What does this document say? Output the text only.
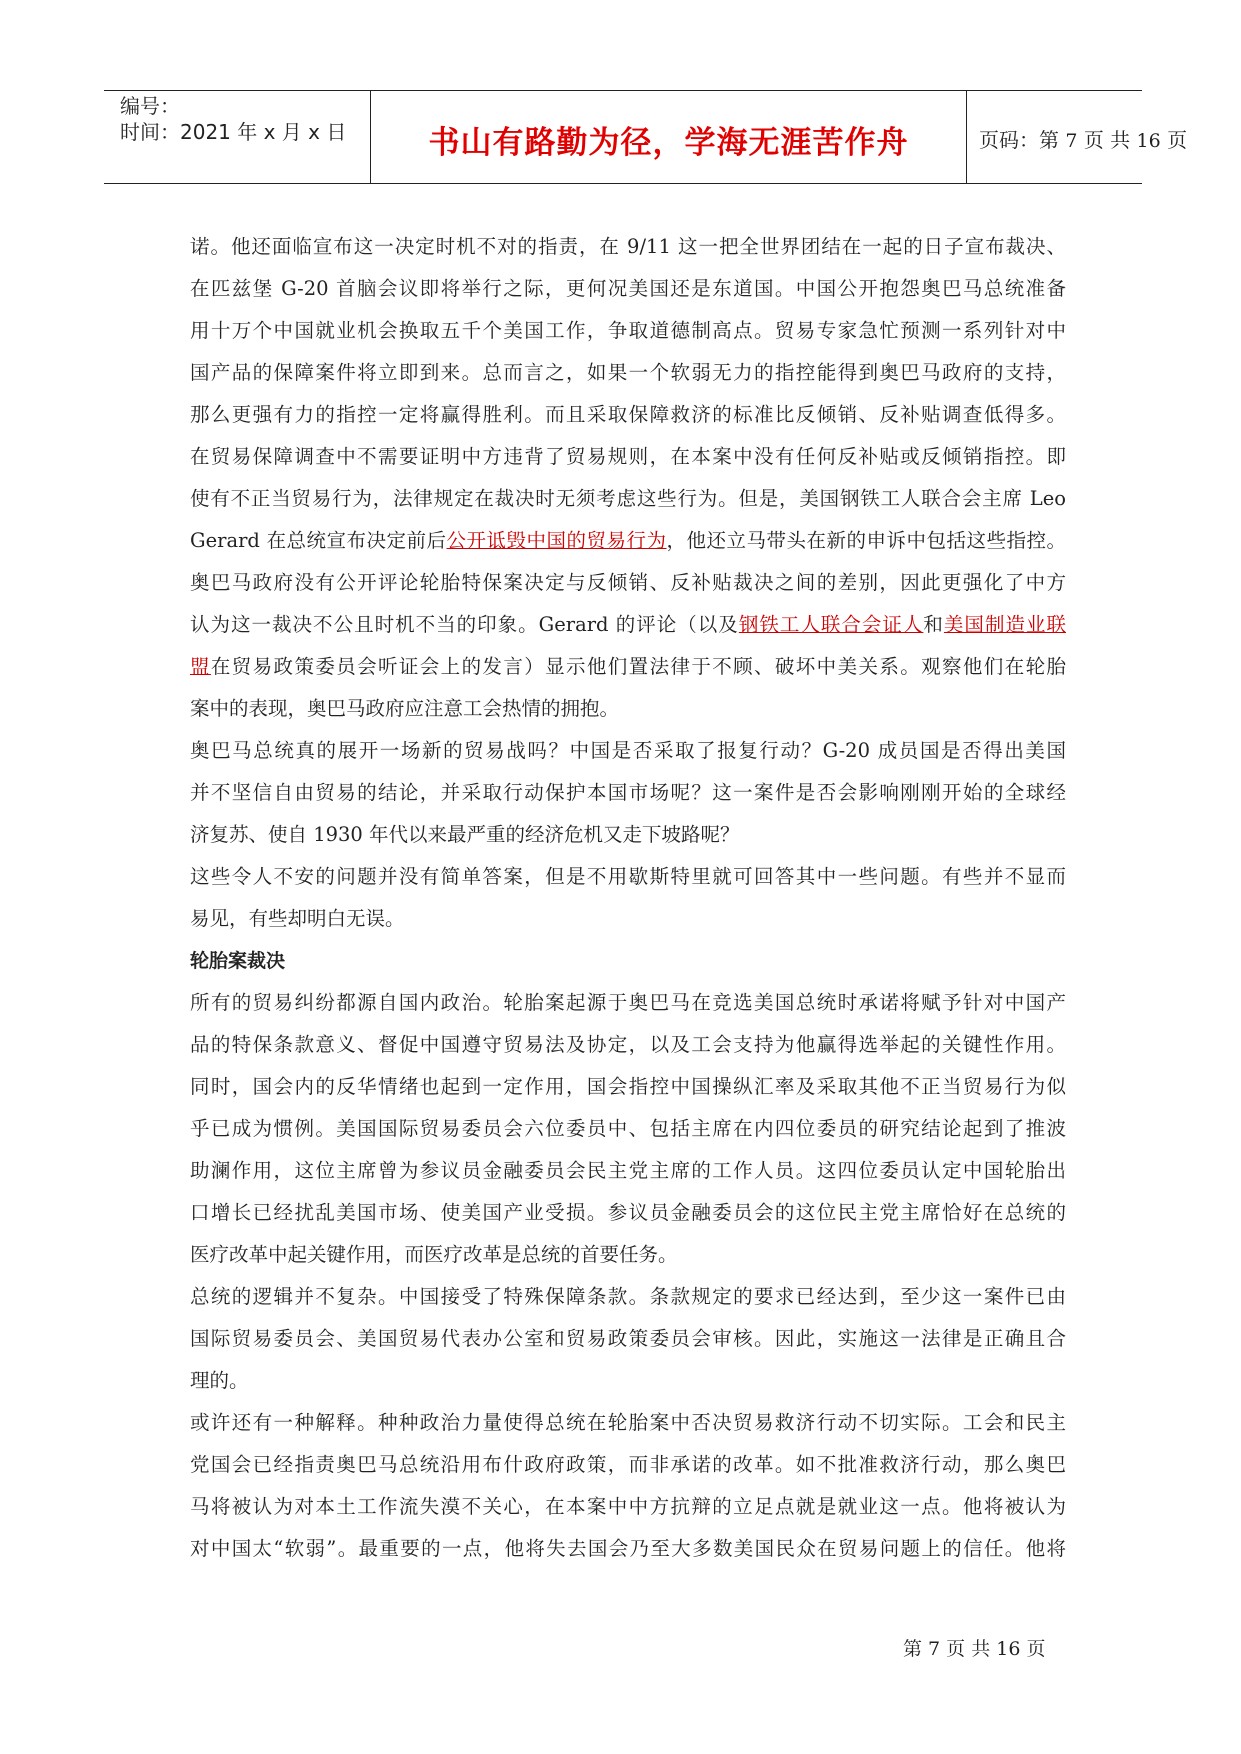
编号：
时间：2021 年 x 月 x 日	书山有路勤为径，学海无涯苦作舟	页码：第 7 页 共 16 页
诺。他还面临宣布这一决定时机不对的指责，在 9/11 这一把全世界团结在一起的日子宣布裁决、
在匹兹堡 G-20 首脑会议即将举行之际，更何况美国还是东道国。中国公开抱怨奥巴马总统准备
用十万个中国就业机会换取五千个美国工作，争取道德制高点。贸易专家急忙预测一系列针对中
国产品的保障案件将立即到来。总而言之，如果一个软弱无力的指控能得到奥巴马政府的支持，
那么更强有力的指控一定将赢得胜利。而且采取保障救济的标准比反倾销、反补贴调查低得多。
在贸易保障调查中不需要证明中方违背了贸易规则，在本案中没有任何反补贴或反倾销指控。即
使有不正当贸易行为，法律规定在裁决时无须考虑这些行为。但是，美国钢铁工人联合会主席 Leo
Gerard 在总统宣布决定前后公开诋毁中国的贸易行为，他还立马带头在新的申诉中包括这些指控。
奥巴马政府没有公开评论轮胎特保案决定与反倾销、反补贴裁决之间的差别，因此更强化了中方
认为这一裁决不公且时机不当的印象。Gerard 的评论（以及钢铁工人联合会证人和美国制造业联
盟在贸易政策委员会听证会上的发言）显示他们置法律于不顾、破坏中美关系。观察他们在轮胎
案中的表现，奥巴马政府应注意工会热情的拥抱。
奥巴马总统真的展开一场新的贸易战吗？中国是否采取了报复行动？G-20 成员国是否得出美国
并不坚信自由贸易的结论，并采取行动保护本国市场呢？这一案件是否会影响刚刚开始的全球经
济复苏、使自 1930 年代以来最严重的经济危机又走下坡路呢？
这些令人不安的问题并没有简单答案，但是不用歇斯特里就可回答其中一些问题。有些并不显而
易见，有些却明白无误。
轮胎案裁决
所有的贸易纠纷都源自国内政治。轮胎案起源于奥巴马在竞选美国总统时承诺将赋予针对中国产
品的特保条款意义、督促中国遵守贸易法及协定，以及工会支持为他赢得选举起的关键性作用。
同时，国会内的反华情绪也起到一定作用，国会指控中国操纵汇率及采取其他不正当贸易行为似
乎已成为惯例。美国国际贸易委员会六位委员中、包括主席在内四位委员的研究结论起到了推波
助澜作用，这位主席曾为参议员金融委员会民主党主席的工作人员。这四位委员认定中国轮胎出
口增长已经扰乱美国市场、使美国产业受损。参议员金融委员会的这位民主党主席恰好在总统的
医疗改革中起关键作用，而医疗改革是总统的首要任务。
总统的逻辑并不复杂。中国接受了特殊保障条款。条款规定的要求已经达到，至少这一案件已由
国际贸易委员会、美国贸易代表办公室和贸易政策委员会审核。因此，实施这一法律是正确且合
理的。
或许还有一种解释。种种政治力量使得总统在轮胎案中否决贸易救济行动不切实际。工会和民主
党国会已经指责奥巴马总统沿用布什政府政策，而非承诺的改革。如不批准救济行动，那么奥巴
马将被认为对本土工作流失漠不关心，在本案中中方抗辩的立足点就是就业这一点。他将被认为
对中国太“软弱”。最重要的一点，他将失去国会乃至大多数美国民众在贸易问题上的信任。他将
第 7 页 共 16 页
